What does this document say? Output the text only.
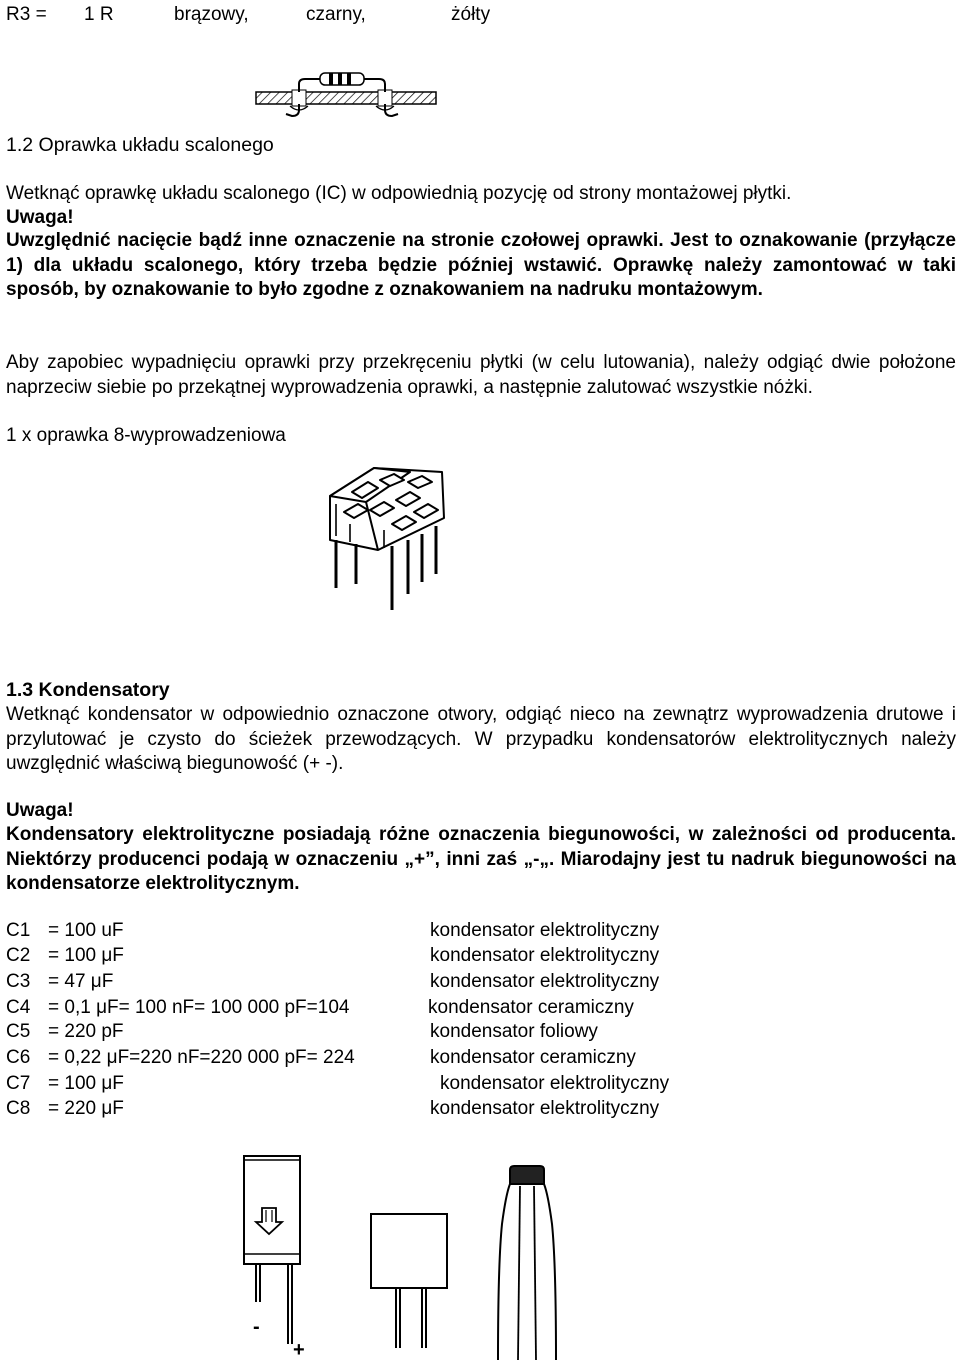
R3 = 1 R	brązowy,	czarny,	żółty
1.2 Oprawka układu scalonego
Wetknąć oprawkę układu scalonego (IC) w odpowiednią pozycję od strony montażowej płytki.
Uwaga!
Uwzględnić nacięcie bądź inne oznaczenie na stronie czołowej oprawki. Jest to oznakowanie (przyłącze 1) dla układu scalonego, który trzeba będzie później wstawić. Oprawkę należy zamontować w taki sposób, by oznakowanie to było zgodne z oznakowaniem na nadruku montażowym.
Aby zapobiec wypadnięciu oprawki przy przekręceniu płytki (w celu lutowania), należy odgiąć dwie położone naprzeciw siebie po przekątnej wyprowadzenia oprawki, a następnie zalutować wszystkie nóżki.
1 x oprawka 8-wyprowadzeniowa
1.3 Kondensatory
Wetknąć kondensator w odpowiednio oznaczone otwory, odgiąć nieco na zewnątrz wyprowadzenia drutowe i przylutować je czysto do ścieżek przewodzących. W przypadku kondensatorów elektrolitycznych należy uwzględnić właściwą biegunowość (+ -).
Uwaga!
Kondensatory elektrolityczne posiadają różne oznaczenia biegunowości, w zależności od producenta. Niektórzy producenci podają w oznaczeniu „+”, inni zaś „-„. Miarodajny jest tu nadruk biegunowości na kondensatorze elektrolitycznym.
C1 = 100 uF	kondensator elektrolityczny
C2 = 100 μF	kondensator elektrolityczny
C3 = 47 μF	kondensator elektrolityczny
C4 = 0,1 μF= 100 nF= 100 000 pF=104	kondensator ceramiczny
C5 = 220 pF	kondensator foliowy
C6 = 0,22 μF=220 nF=220 000 pF= 224	kondensator ceramiczny
C7 = 100 μF	kondensator elektrolityczny
C8 = 220 μF	kondensator elektrolityczny
-
+
